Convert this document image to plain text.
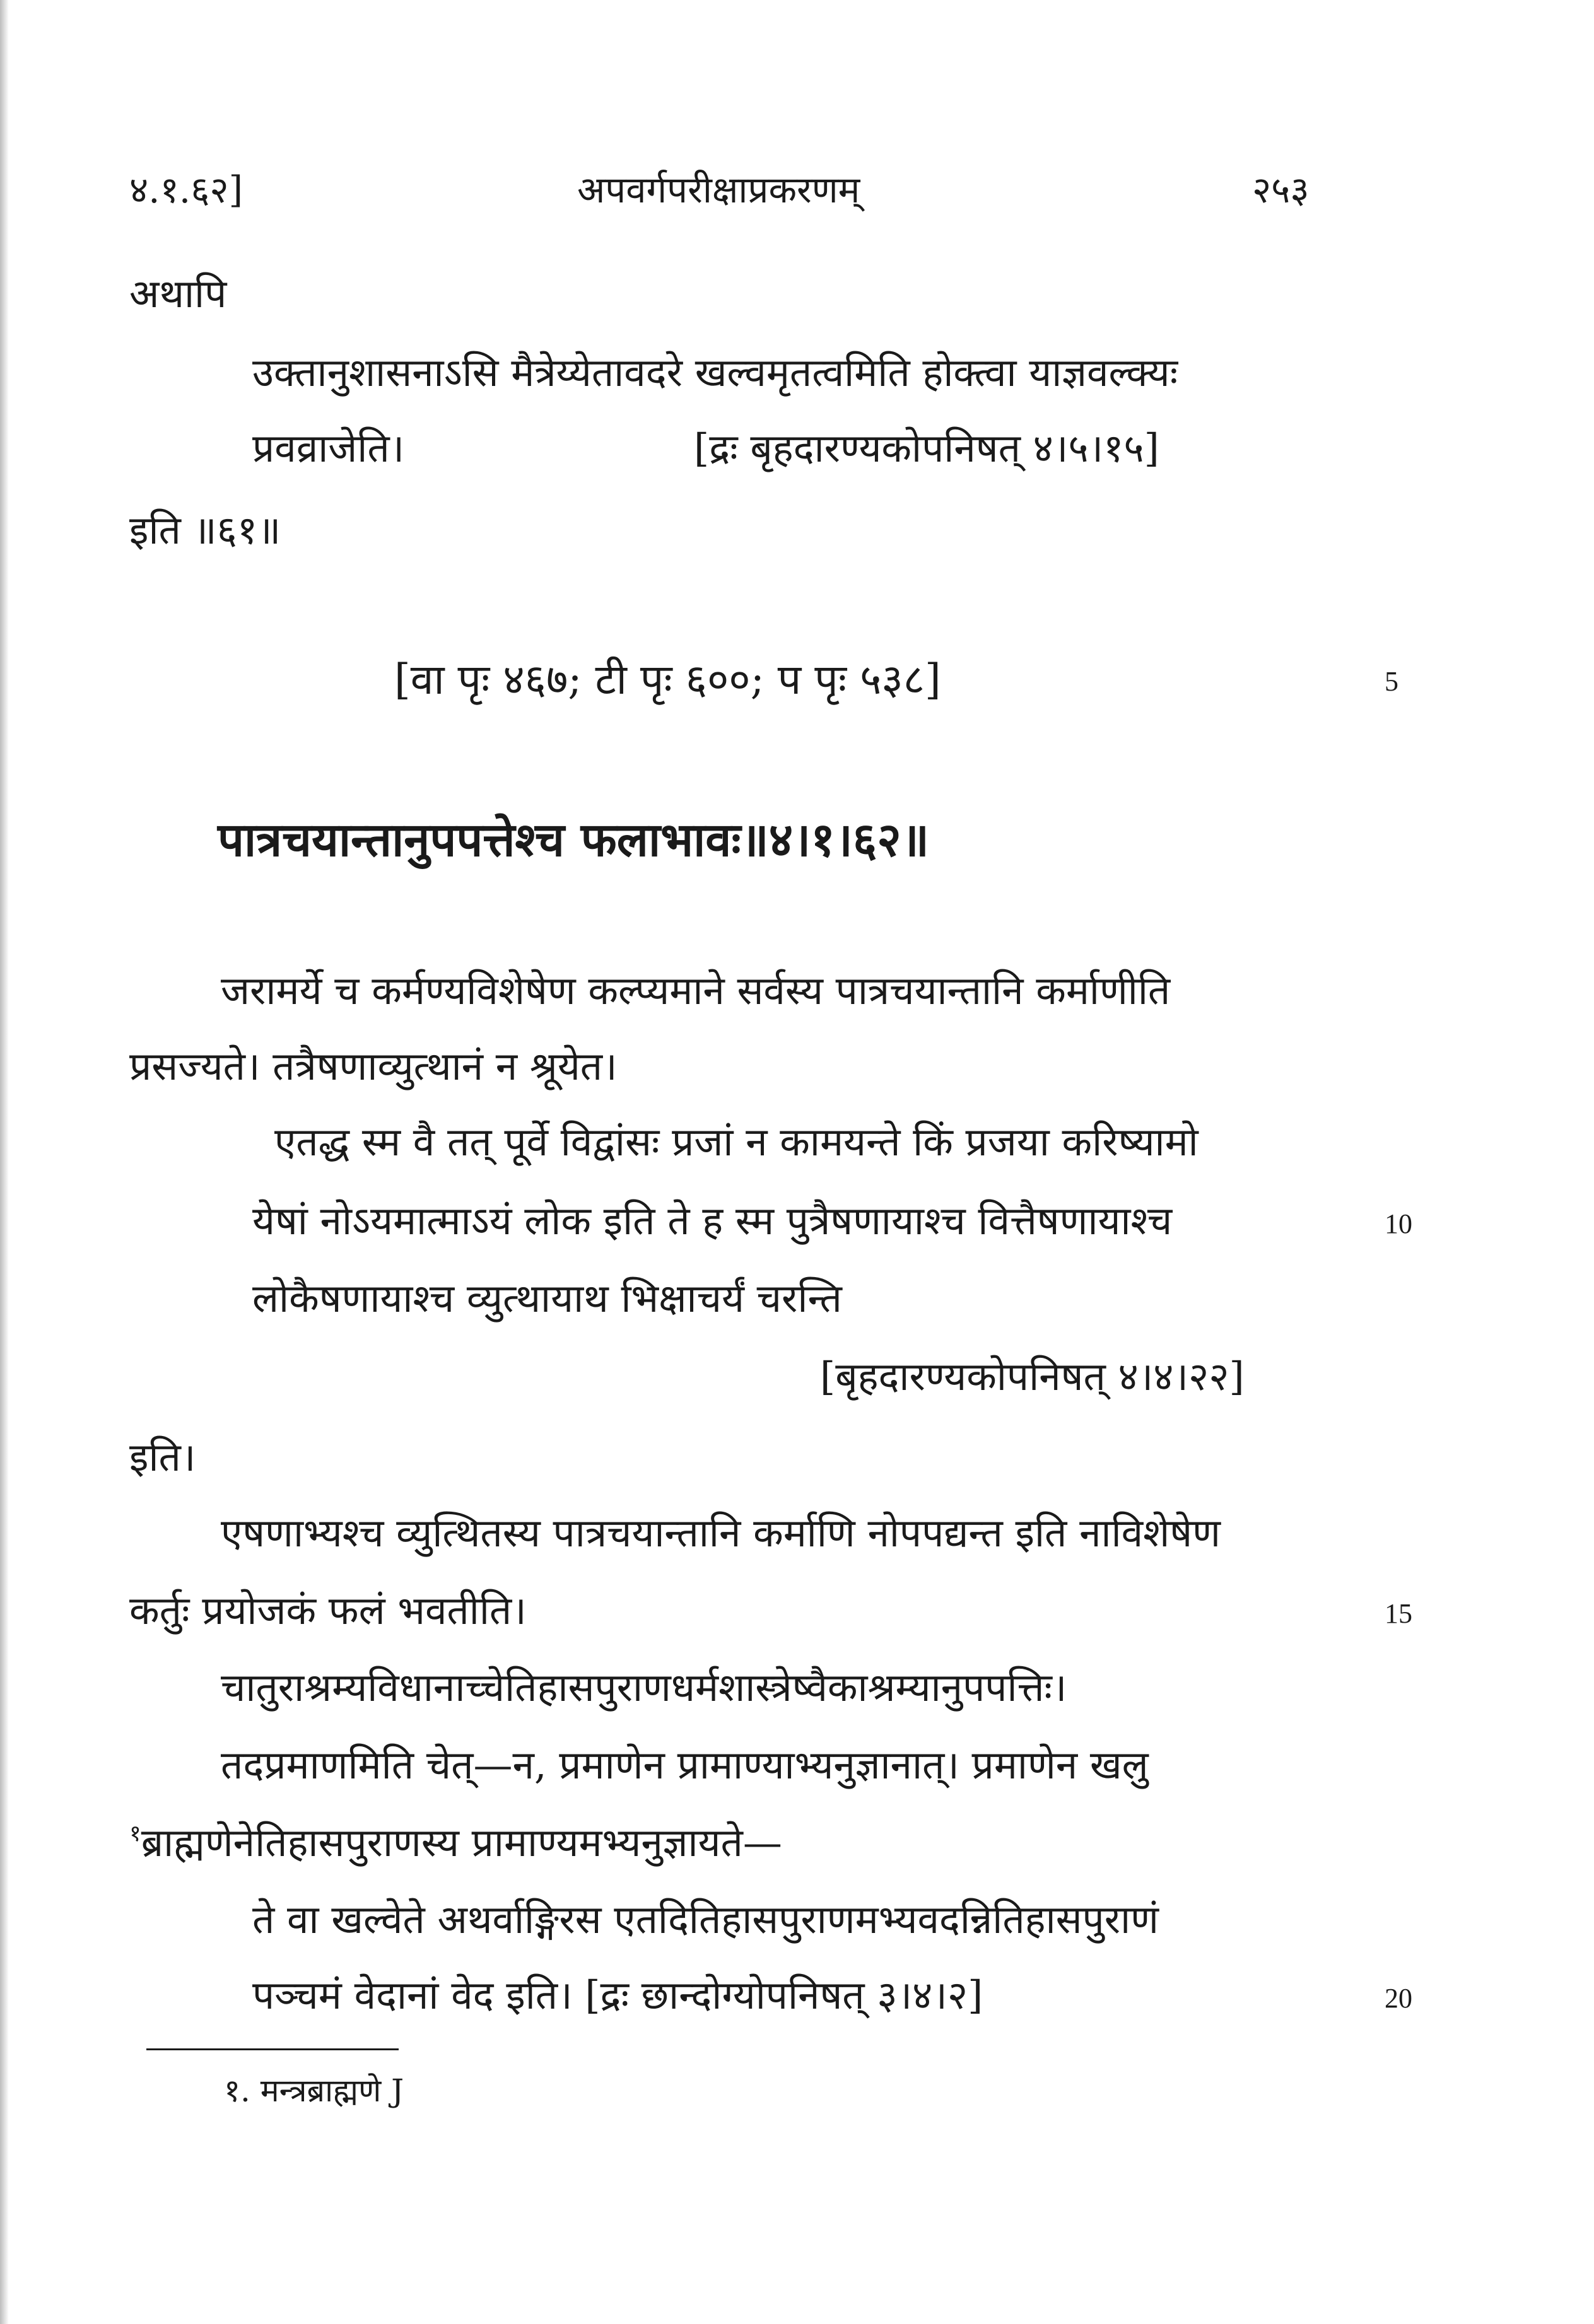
४.१.६२]	अपवर्गपरीक्षाप्रकरणम्	२५३
अथापि
उक्तानुशासनाऽसि मैत्रेय्येतावदरे खल्वमृतत्वमिति होक्त्वा याज्ञवल्क्यः
प्रवव्राजेति।	[द्रः बृहदारण्यकोपनिषत् ४।५।१५]
इति ॥६१॥
[वा पृः ४६७; टी पृः ६००; प पृः ५३८]
पात्रचयान्तानुपपत्तेश्च फलाभावः॥४।१।६२॥
जरामर्ये च कर्मण्यविशेषेण कल्प्यमाने सर्वस्य पात्रचयान्तानि कर्माणीति
प्रसज्यते। तत्रैषणाव्युत्थानं न श्रूयेत।
एतद्ध स्म वै तत् पूर्वे विद्वांसः प्रजां न कामयन्ते किं प्रजया करिष्यामो
येषां नोऽयमात्माऽयं लोक इति ते ह स्म पुत्रैषणायाश्च वित्तैषणायाश्च
लोकैषणायाश्च व्युत्थायाथ भिक्षाचर्यं चरन्ति
[बृहदारण्यकोपनिषत् ४।४।२२]
इति।
एषणाभ्यश्च व्युत्थितस्य पात्रचयान्तानि कर्माणि नोपपद्यन्त इति नाविशेषेण
कर्तुः प्रयोजकं फलं भवतीति।
चातुराश्रम्यविधानाच्चेतिहासपुराणधर्मशास्त्रेष्वैकाश्रम्यानुपपत्तिः।
तदप्रमाणमिति चेत्—न, प्रमाणेन प्रामाण्याभ्यनुज्ञानात्। प्रमाणेन खलु
$^१$ब्राह्मणेनेतिहासपुराणस्य प्रामाण्यमभ्यनुज्ञायते—
ते वा खल्वेते अथर्वाङ्गिरस एतदितिहासपुराणमभ्यवदन्नितिहासपुराणं
पञ्चमं वेदानां वेद इति। [द्रः छान्दोग्योपनिषत् ३।४।२]
१. मन्त्रब्राह्मणे J
5
10
15
20
